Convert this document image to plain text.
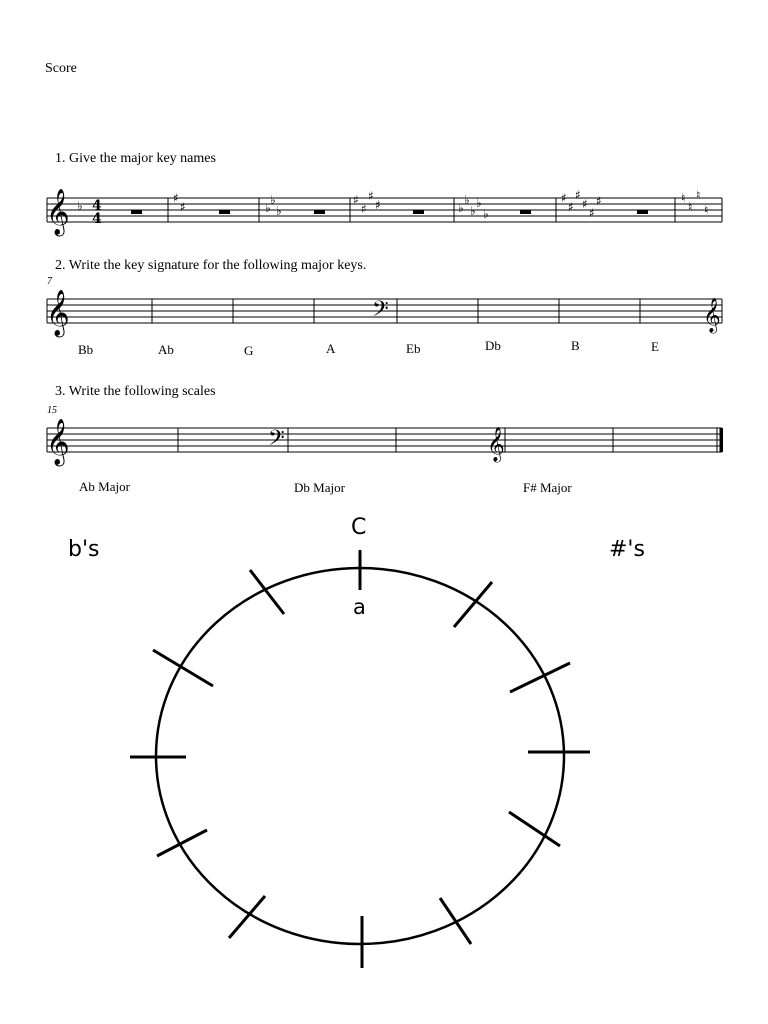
Score
1. Give the major key names
𝄞 ♭ 4
4
♯
♯	♭
♭
♭
♯
♯
♯
♯	♭
♭
♭
♭
♭
♯
♯
♯
♯
♯
♯	♮
♮
♮
♮
2. Write the key signature for the following major keys.
7
𝄞	𝄢	𝄞
Bb	Ab	G	A	Eb	Db	B	E
3. Write the following scales
15
𝄞	𝄢	𝄞
Ab Major	Db Major	F# Major
b's	#'s
C
a
